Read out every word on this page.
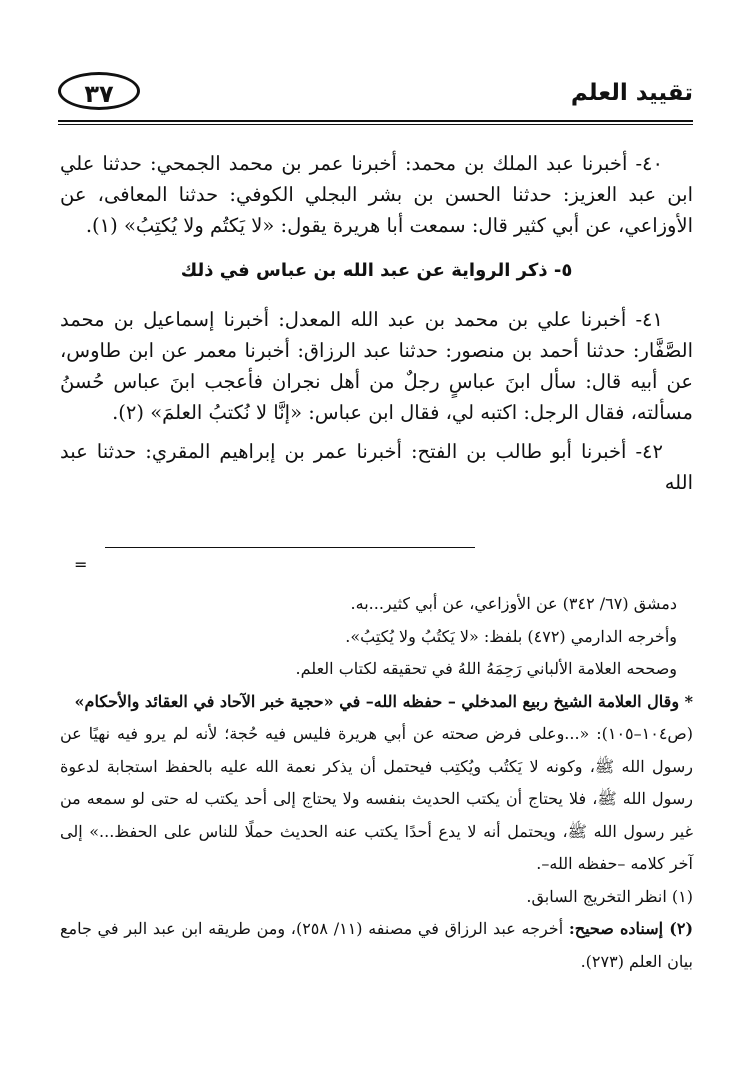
تقييد العلم
٣٧

٤٠- أخبرنا عبد الملك بن محمد: أخبرنا عمر بن محمد الجمحي: حدثنا علي ابن عبد العزيز: حدثنا الحسن بن بشر البجلي الكوفي: حدثنا المعافى، عن الأوزاعي، عن أبي كثير قال: سمعت أبا هريرة يقول: «لا يَكتُم ولا يُكتِبُ» (١).

٥- ذكر الرواية عن عبد الله بن عباس في ذلك

٤١- أخبرنا علي بن محمد بن عبد الله المعدل: أخبرنا إسماعيل بن محمد الصَّفَّار: حدثنا أحمد بن منصور: حدثنا عبد الرزاق: أخبرنا معمر عن ابن طاوس، عن أبيه قال: سأل ابنَ عباسٍ رجلٌ من أهل نجران فأعجب ابنَ عباس حُسنُ مسألته، فقال الرجل: اكتبه لي، فقال ابن عباس: «إنَّا لا نُكتبُ العلمَ» (٢).

٤٢- أخبرنا أبو طالب بن الفتح: أخبرنا عمر بن إبراهيم المقري: حدثنا عبد الله

=

دمشق (٦٧/ ٣٤٢) عن الأوزاعي، عن أبي كثير...به.

وأخرجه الدارمي (٤٧٢) بلفظ: «لا يَكتُبُ ولا يُكتِبُ».

وصححه العلامة الألباني رَحِمَهُ اللهُ في تحقيقه لكتاب العلم.

* وقال العلامة الشيخ ربيع المدخلي – حفظه الله– في «حجية خبر الآحاد في العقائد والأحكام»

(ص١٠٤–١٠٥): «...وعلى فرض صحته عن أبي هريرة فليس فيه حُجة؛ لأنه لم يرو فيه نهيًا عن رسول الله ﷺ، وكونه لا يَكتُب ويُكتِب فيحتمل أن يذكر نعمة الله عليه بالحفظ استجابة لدعوة رسول الله ﷺ، فلا يحتاج أن يكتب الحديث بنفسه ولا يحتاج إلى أحد يكتب له حتى لو سمعه من غير رسول الله ﷺ، ويحتمل أنه لا يدع أحدًا يكتب عنه الحديث حملًا للناس على الحفظ...» إلى آخر كلامه –حفظه الله–.

(١) انظر التخريج السابق.

(٢) إسناده صحيح: أخرجه عبد الرزاق في مصنفه (١١/ ٢٥٨)، ومن طريقه ابن عبد البر في جامع بيان العلم (٢٧٣).
